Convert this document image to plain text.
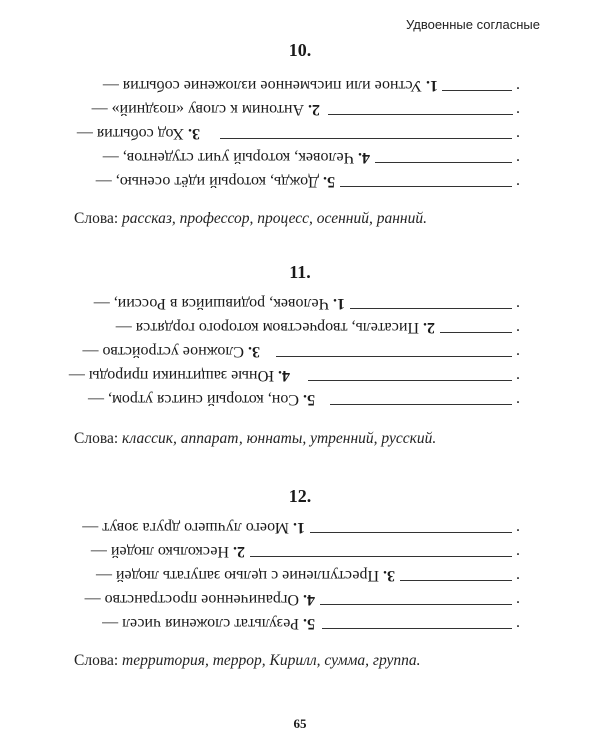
Удвоенные согласные
10.
1. Устное или письменное изложение события —	.
2. Антоним к слову «поздний» —	.
3. Ход события —	.
4. Человек, который учит студентов, —	.
5. Дождь, который идёт осенью, —	.
Слова: рассказ, профессор, процесс, осенний, ранний.
11.
1. Человек, родившийся в России, —	.
2. Писатель, творчеством которого гордятся —	.
3. Сложное устройство —	.
4. Юные защитники природы —	.
5. Сон, который снится утром, —	.
Слова: классик, аппарат, юннаты, утренний, русский.
12.
1. Моего лучшего друга зовут —	.
2. Несколько людей —	.
3. Преступление с целью запугать людей —	.
4. Ограниченное пространство —	.
5. Результат сложения чисел —	.
Слова: территория, террор, Кирилл, сумма, группа.
65
